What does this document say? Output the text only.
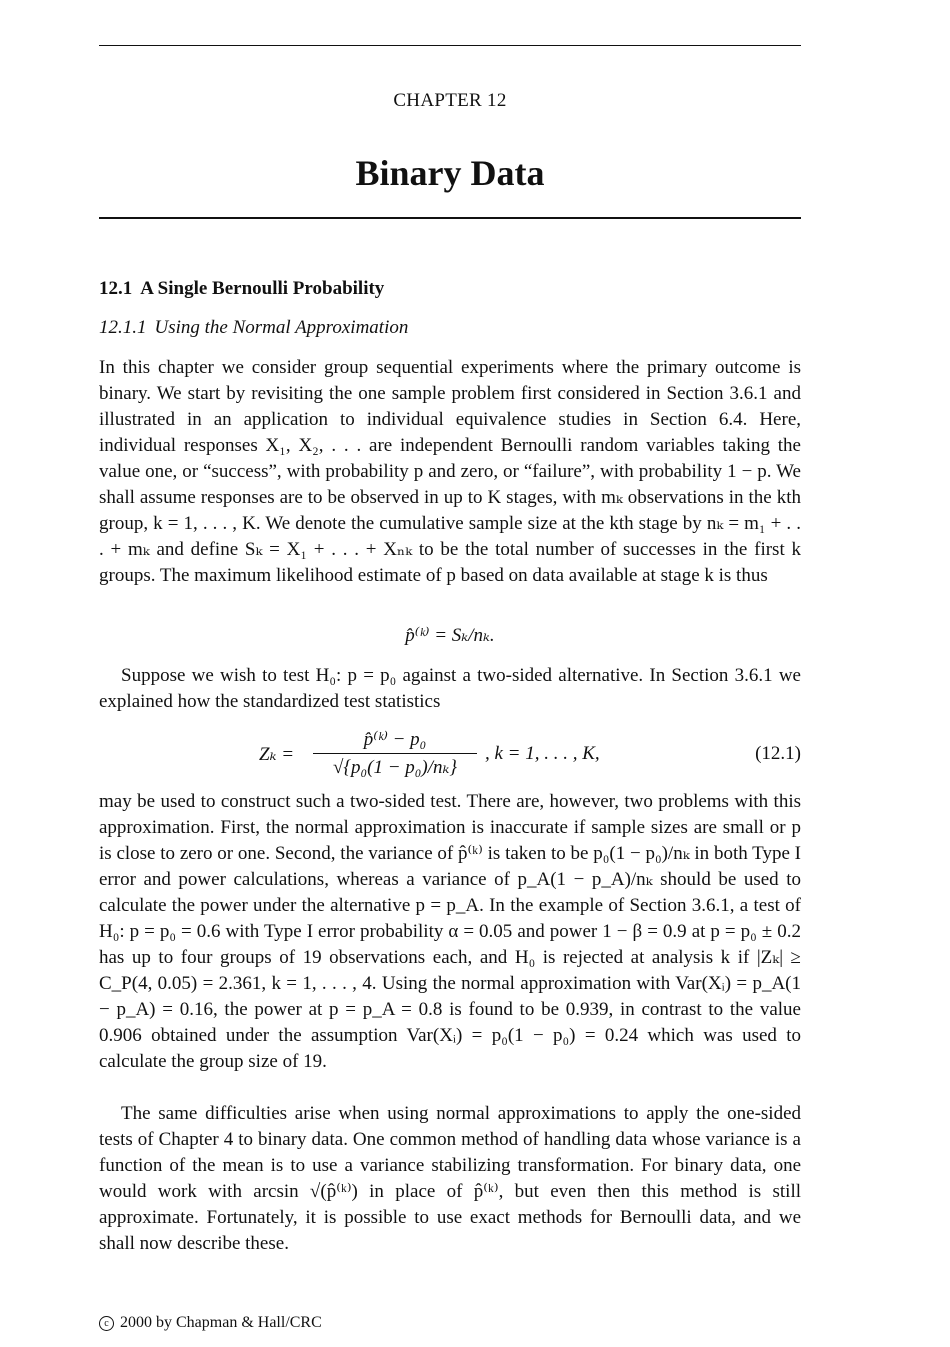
CHAPTER 12
Binary Data
12.1 A Single Bernoulli Probability
12.1.1 Using the Normal Approximation

In this chapter we consider group sequential experiments where the primary outcome is binary. We start by revisiting the one sample problem first considered in Section 3.6.1 and illustrated in an application to individual equivalence studies in Section 6.4. Here, individual responses X₁, X₂, . . . are independent Bernoulli random variables taking the value one, or “success”, with probability p and zero, or “failure”, with probability 1 − p. We shall assume responses are to be observed in up to K stages, with mₖ observations in the kth group, k = 1, . . . , K. We denote the cumulative sample size at the kth stage by nₖ = m₁ + . . . + mₖ and define Sₖ = X₁ + . . . + Xₙₖ to be the total number of successes in the first k groups. The maximum likelihood estimate of p based on data available at stage k is thus

p̂⁽ᵏ⁾ = Sₖ/nₖ.

Suppose we wish to test H₀: p = p₀ against a two-sided alternative. In Section 3.6.1 we explained how the standardized test statistics

Zₖ =
p̂⁽ᵏ⁾ − p₀
√{p₀(1 − p₀)/nₖ}
, k = 1, . . . , K,	(12.1)

may be used to construct such a two-sided test. There are, however, two problems with this approximation. First, the normal approximation is inaccurate if sample sizes are small or p is close to zero or one. Second, the variance of p̂⁽ᵏ⁾ is taken to be p₀(1 − p₀)/nₖ in both Type I error and power calculations, whereas a variance of p_A(1 − p_A)/nₖ should be used to calculate the power under the alternative p = p_A. In the example of Section 3.6.1, a test of H₀: p = p₀ = 0.6 with Type I error probability α = 0.05 and power 1 − β = 0.9 at p = p₀ ± 0.2 has up to four groups of 19 observations each, and H₀ is rejected at analysis k if |Zₖ| ≥ C_P(4, 0.05) = 2.361, k = 1, . . . , 4. Using the normal approximation with Var(Xᵢ) = p_A(1 − p_A) = 0.16, the power at p = p_A = 0.8 is found to be 0.939, in contrast to the value 0.906 obtained under the assumption Var(Xᵢ) = p₀(1 − p₀) = 0.24 which was used to calculate the group size of 19.

The same difficulties arise when using normal approximations to apply the one-sided tests of Chapter 4 to binary data. One common method of handling data whose variance is a function of the mean is to use a variance stabilizing transformation. For binary data, one would work with arcsin √(p̂⁽ᵏ⁾) in place of p̂⁽ᵏ⁾, but even then this method is still approximate. Fortunately, it is possible to use exact methods for Bernoulli data, and we shall now describe these.

c 2000 by Chapman & Hall/CRC
